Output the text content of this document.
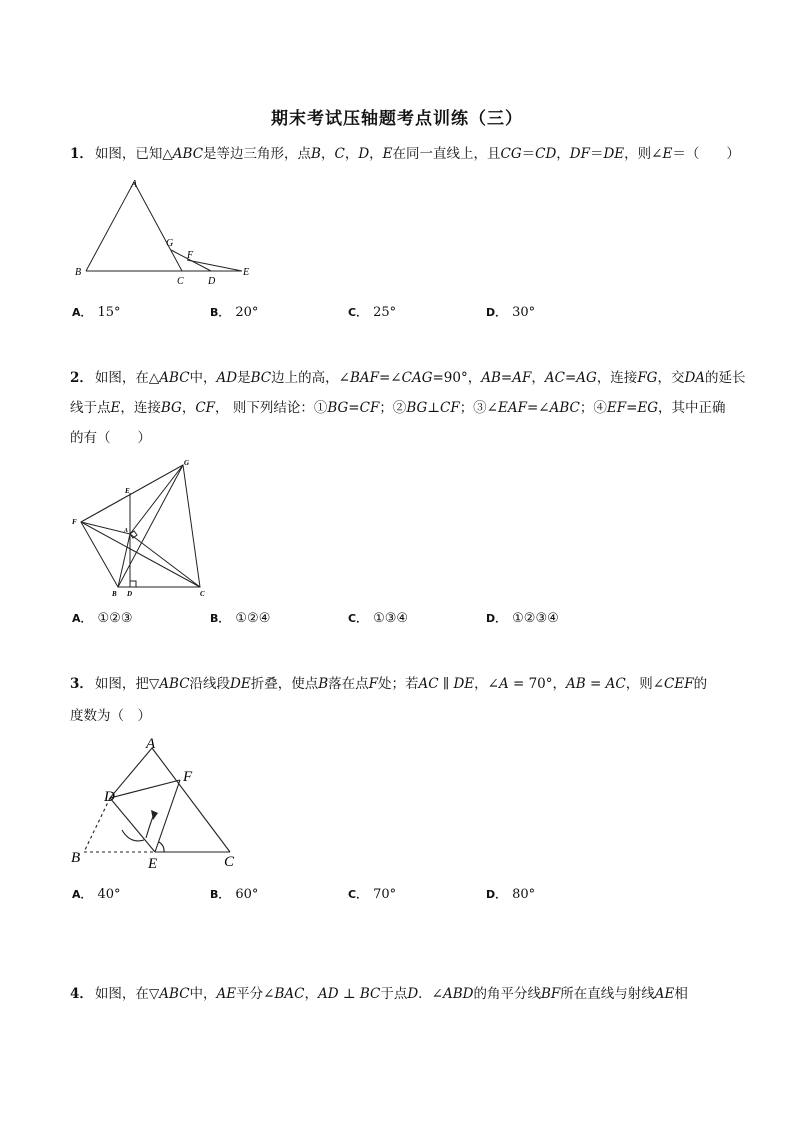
期末考试压轴题考点训练（三）
1． 如图，已知△ABC是等边三角形，点B，C，D，E在同一直线上，且CG＝CD，DF＝DE，则∠E＝（　　）
A
B
C D
E
F
G
A． 15°	B． 20°	C． 25°	D． 30°
2． 如图，在△ABC中，AD是BC边上的高，∠BAF=∠CAG=90°，AB=AF，AC=AG，连接FG，交DA的延长
线于点E，连接BG，CF， 则下列结论：①BG=CF；②BG⊥CF；③∠EAF=∠ABC；④EF=EG，其中正确
的有（　　）
G
E
F
A
B D	C
A． ①②③	B． ①②④	C． ①③④	D． ①②③④
3． 如图，把▽ABC沿线段DE折叠，使点B落在点F处；若AC ∥ DE，∠A = 70°，AB = AC，则∠CEF的
度数为（　）
A
F
D
B	E	C
A． 40°	B． 60°	C． 70°	D． 80°
4． 如图，在▽ABC中，AE平分∠BAC，AD ⊥ BC于点D．∠ABD的角平分线BF所在直线与射线AE相
